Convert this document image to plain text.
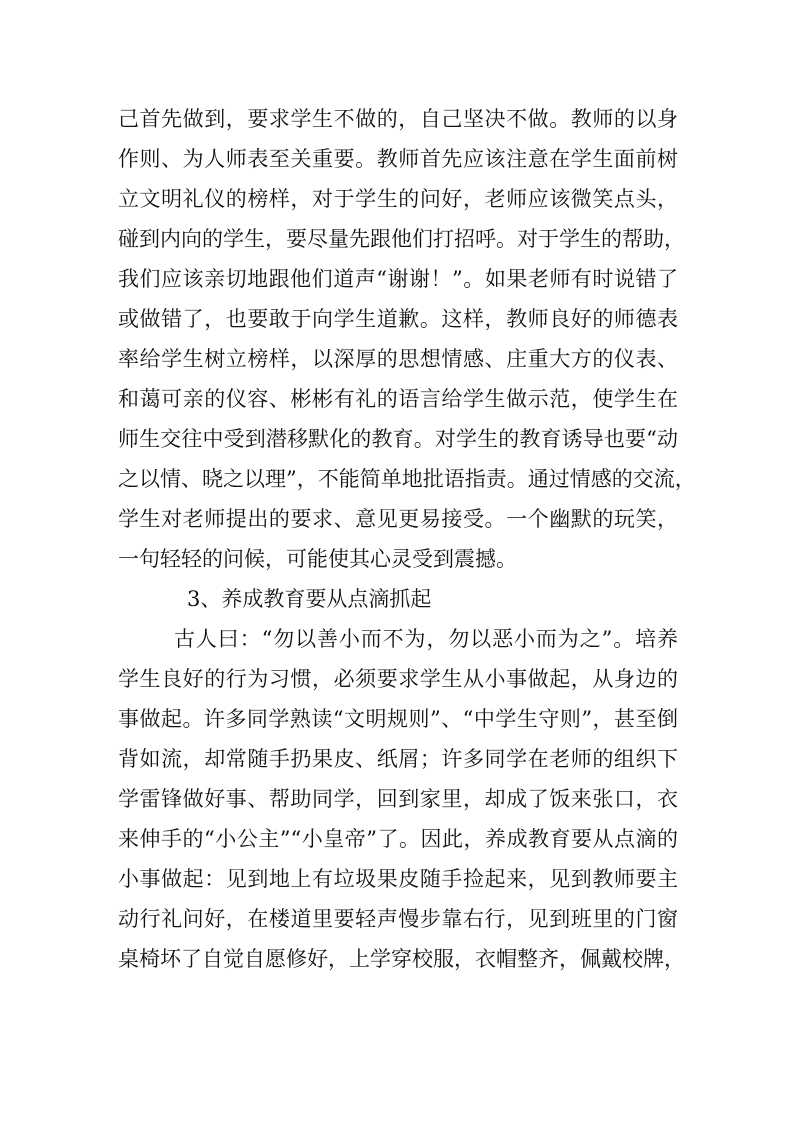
己首先做到，要求学生不做的，自己坚决不做。教师的以身
作则、为人师表至关重要。教师首先应该注意在学生面前树
立文明礼仪的榜样，对于学生的问好，老师应该微笑点头，
碰到内向的学生，要尽量先跟他们打招呼。对于学生的帮助，
我们应该亲切地跟他们道声“谢谢！”。如果老师有时说错了
或做错了，也要敢于向学生道歉。这样，教师良好的师德表
率给学生树立榜样，以深厚的思想情感、庄重大方的仪表、
和蔼可亲的仪容、彬彬有礼的语言给学生做示范，使学生在
师生交往中受到潜移默化的教育。对学生的教育诱导也要“动
之以情、晓之以理”，不能简单地批语指责。通过情感的交流，
学生对老师提出的要求、意见更易接受。一个幽默的玩笑，
一句轻轻的问候，可能使其心灵受到震撼。
3、养成教育要从点滴抓起
古人曰：“勿以善小而不为，勿以恶小而为之”。培养
学生良好的行为习惯，必须要求学生从小事做起，从身边的
事做起。许多同学熟读“文明规则”、“中学生守则”，甚至倒
背如流，却常随手扔果皮、纸屑；许多同学在老师的组织下
学雷锋做好事、帮助同学，回到家里，却成了饭来张口，衣
来伸手的“小公主”“小皇帝”了。因此，养成教育要从点滴的
小事做起：见到地上有垃圾果皮随手捡起来，见到教师要主
动行礼问好，在楼道里要轻声慢步靠右行，见到班里的门窗
桌椅坏了自觉自愿修好，上学穿校服，衣帽整齐，佩戴校牌，
